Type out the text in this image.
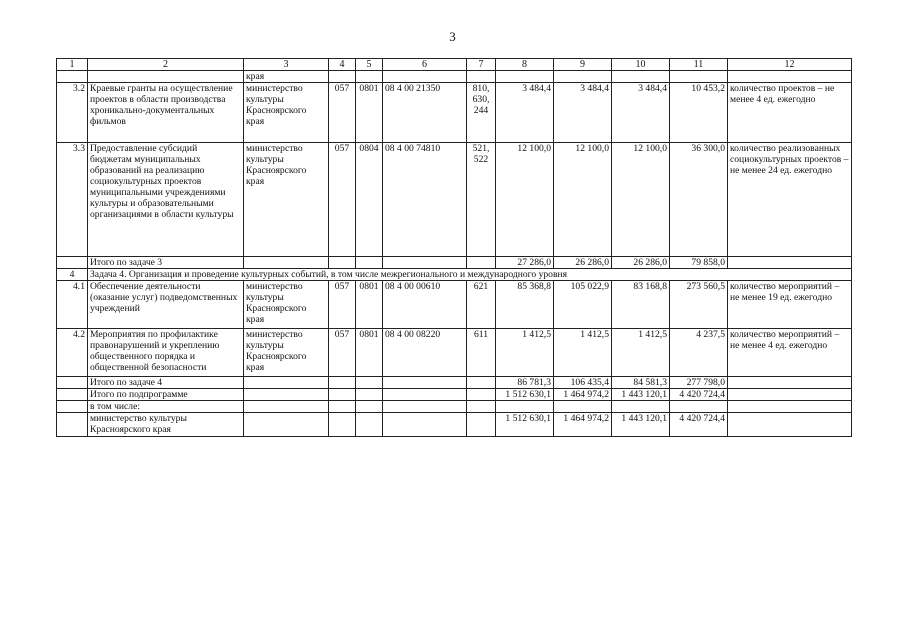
3
1	2	3	4	5	6	7	8	9	10	11	12
		края									
3.2	Краевые гранты на осуществление проектов в области производства хроникально-документальных фильмов	министерство культуры Красноярского края	057	0801	08 4 00 21350	810, 630, 244	3 484,4	3 484,4	3 484,4	10 453,2	количество проектов – не менее 4 ед. ежегодно
3.3	Предоставление субсидий бюджетам муниципальных образований на реализацию социокультурных проектов муниципальными учреждениями культуры и образовательными организациями в области культуры	министерство культуры Красноярского края	057	0804	08 4 00 74810	521, 522	12 100,0	12 100,0	12 100,0	36 300,0	количество реализованных социокультурных проектов – не менее 24 ед. ежегодно
	Итого по задаче 3						27 286,0	26 286,0	26 286,0	79 858,0	
4	Задача 4. Организация и проведение культурных событий, в том числе межрегионального и международного уровня										
4.1	Обеспечение деятельности (оказание услуг) подведомственных учреждений	министерство культуры Красноярского края	057	0801	08 4 00 00610	621	85 368,8	105 022,9	83 168,8	273 560,5	количество мероприятий – не менее 19 ед. ежегодно
4.2	Мероприятия по профилактике правонарушений и укреплению общественного порядка и общественной безопасности	министерство культуры Красноярского края	057	0801	08 4 00 08220	611	1 412,5	1 412,5	1 412,5	4 237,5	количество мероприятий – не менее 4 ед. ежегодно
	Итого по задаче 4						86 781,3	106 435,4	84 581,3	277 798,0	
	Итого по подпрограмме						1 512 630,1	1 464 974,2	1 443 120,1	4 420 724,4	
	в том числе:										
	министерство культуры Красноярского края						1 512 630,1	1 464 974,2	1 443 120,1	4 420 724,4	
